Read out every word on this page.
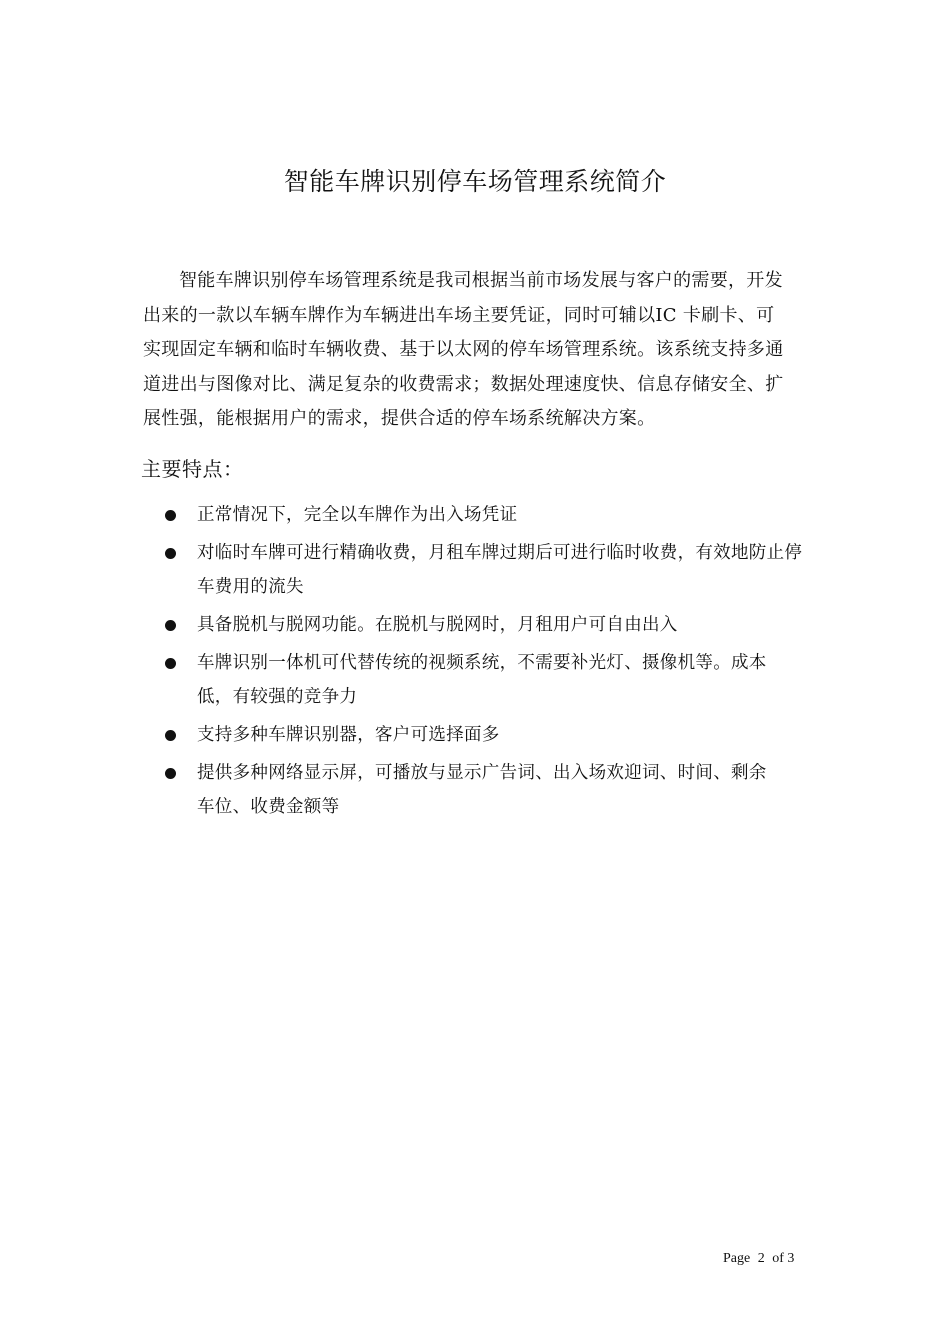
智能车牌识别停车场管理系统简介
智能车牌识别停车场管理系统是我司根据当前市场发展与客户的需要，开发
出来的一款以车辆车牌作为车辆进出车场主要凭证，同时可辅以IC 卡刷卡、可
实现固定车辆和临时车辆收费、基于以太网的停车场管理系统。该系统支持多通
道进出与图像对比、满足复杂的收费需求；数据处理速度快、信息存储安全、扩
展性强，能根据用户的需求，提供合适的停车场系统解决方案。
主要特点：
正常情况下，完全以车牌作为出入场凭证
对临时车牌可进行精确收费，月租车牌过期后可进行临时收费，有效地防止停
车费用的流失
具备脱机与脱网功能。在脱机与脱网时，月租用户可自由出入
车牌识别一体机可代替传统的视频系统，不需要补光灯、摄像机等。成本
低，有较强的竞争力
支持多种车牌识别器，客户可选择面多
提供多种网络显示屏，可播放与显示广告词、出入场欢迎词、时间、剩余
车位、收费金额等
Page 2 of 3
